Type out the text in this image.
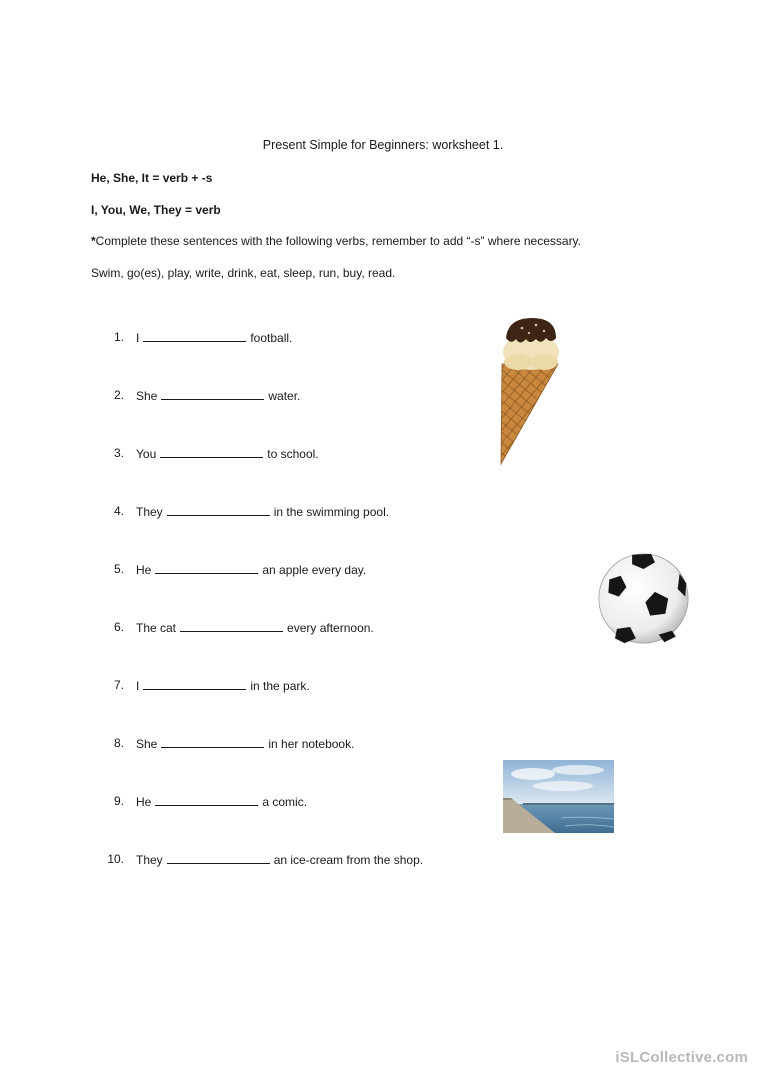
Present Simple for Beginners: worksheet 1.
He, She, It = verb + -s
I, You, We, They = verb
*Complete these sentences with the following verbs, remember to add “-s” where necessary.
Swim, go(es), play, write, drink, eat, sleep, run, buy, read.
1. I	football.
2. She	water.
3. You	to school.
4. They	in the swimming pool.
5. He	an apple every day.
6. The cat	every afternoon.
7. I	in the park.
8. She	in her notebook.
9. He	a comic.
10. They	an ice-cream from the shop.
iSLCollective.com
